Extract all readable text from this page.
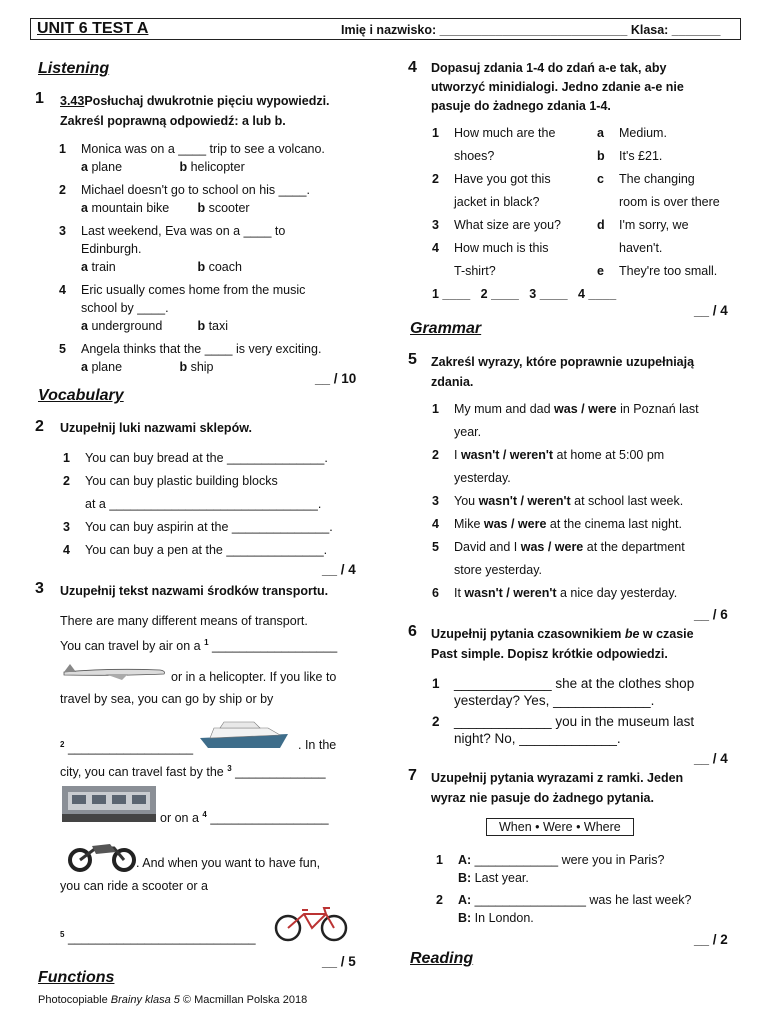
UNIT 6 TEST A	Imię i nazwisko: ___________________________ Klasa: _______
Listening
1 3.43Posłuchaj dwukrotnie pięciu wypowiedzi.
Zakreśl poprawną odpowiedź: a lub b.
1 Monica was on a ____ trip to see a volcano.
a plane	b helicopter
2 Michael doesn't go to school on his ____.
a mountain bike b scooter
3 Last weekend, Eva was on a ____ to
Edinburgh.
a train	b coach
4 Eric usually comes home from the music
school by ____.
a underground	b taxi
5 Angela thinks that the ____ is very exciting.
a plane	b ship
__ / 10
Vocabulary
2 Uzupełnij luki nazwami sklepów.
1 You can buy bread at the ______________.
2 You can buy plastic building blocks
at a ______________________________.
3 You can buy aspirin at the ______________.
4 You can buy a pen at the ______________.
__ / 4
3 Uzupełnij tekst nazwami środków transportu.
There are many different means of transport.
You can travel by air on a $^1$ __________________
or in a helicopter. If you like to
travel by sea, you can go by ship or by
$^2$ __________________	. In the
city, you can travel fast by the $^3$ _____________
or on a $^4$ _________________
. And when you want to have fun,
you can ride a scooter or a
$^5$ ___________________________
__ / 5
Functions
Photocopiable Brainy klasa 5 © Macmillan Polska 2018
4 Dopasuj zdania 1-4 do zdań a-e tak, aby
utworzyć minidialogi. Jedno zdanie a-e nie
pasuje do żadnego zdania 1-4.
1 How much are the
shoes?
2 Have you got this
jacket in black?
3 What size are you?
4 How much is this
T-shirt?
a Medium.
b It's £21.
c The changing
room is over there
d I'm sorry, we
haven't.
e They're too small.
1 ____   2 ____   3 ____   4 ____
__ / 4
Grammar
5 Zakreśl wyrazy, które poprawnie uzupełniają
zdania.
1 My mum and dad was / were in Poznań last
year.
2 I wasn't / weren't at home at 5:00 pm
yesterday.
3 You wasn't / weren't at school last week.
4 Mike was / were at the cinema last night.
5 David and I was / were at the department
store yesterday.
6 It wasn't / weren't a nice day yesterday.
__ / 6
6 Uzupełnij pytania czasownikiem be w czasie
Past simple. Dopisz krótkie odpowiedzi.
1 _____________ she at the clothes shop
yesterday? Yes, _____________.
2 _____________ you in the museum last
night? No, _____________.
__ / 4
7 Uzupełnij pytania wyrazami z ramki. Jeden
wyraz nie pasuje do żadnego pytania.
When • Were • Where
1 A: ____________ were you in Paris?
B: Last year.
2 A: ________________ was he last week?
B: In London.
__ / 2
Reading
